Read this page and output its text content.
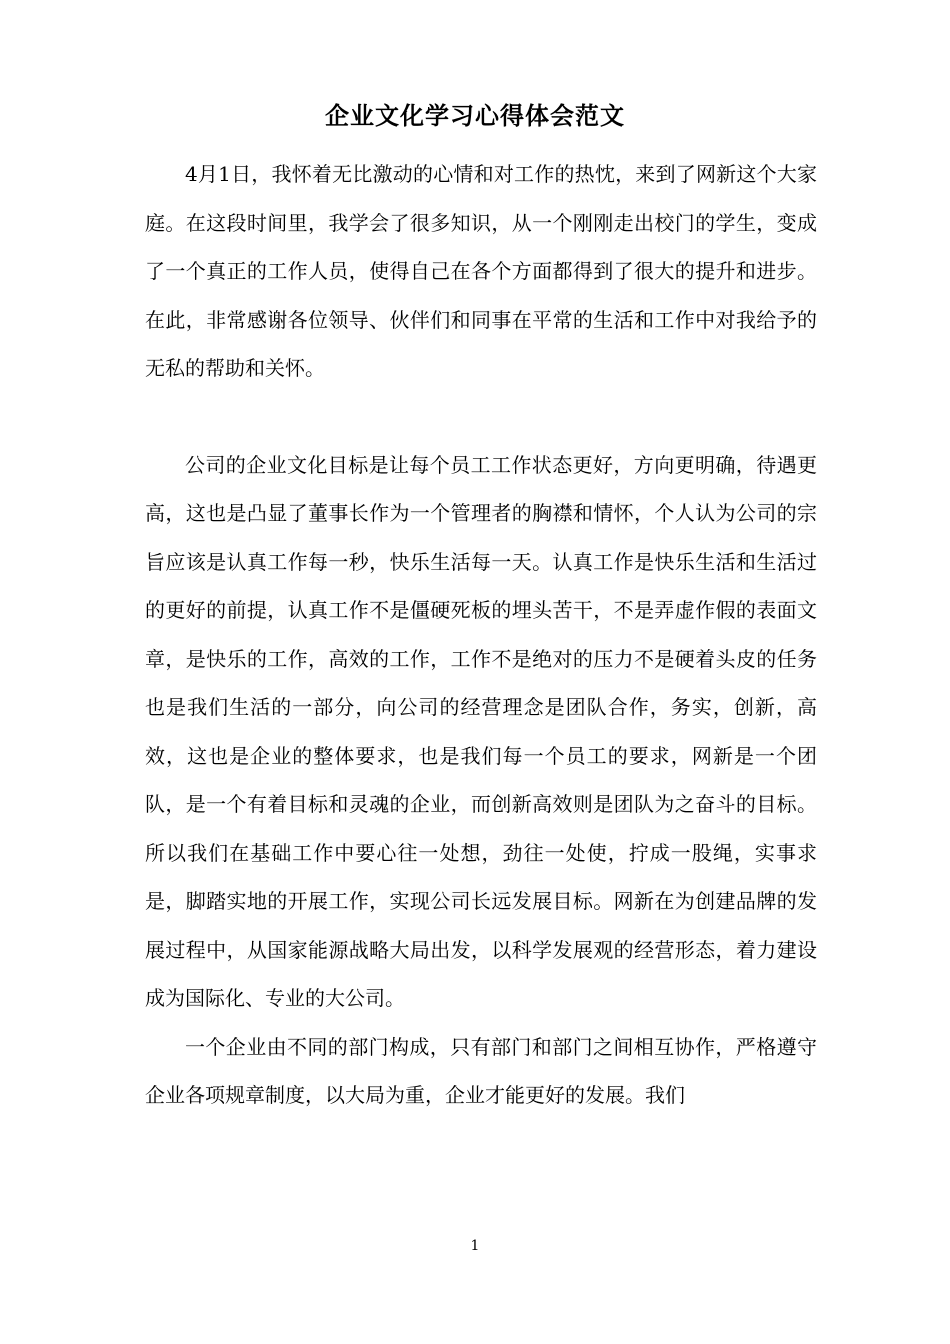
企业文化学习心得体会范文

4月1日，我怀着无比激动的心情和对工作的热忱，来到了网新这个大家庭。在这段时间里，我学会了很多知识，从一个刚刚走出校门的学生，变成了一个真正的工作人员，使得自己在各个方面都得到了很大的提升和进步。在此，非常感谢各位领导、伙伴们和同事在平常的生活和工作中对我给予的无私的帮助和关怀。

公司的企业文化目标是让每个员工工作状态更好，方向更明确，待遇更高，这也是凸显了董事长作为一个管理者的胸襟和情怀，个人认为公司的宗旨应该是认真工作每一秒，快乐生活每一天。认真工作是快乐生活和生活过的更好的前提，认真工作不是僵硬死板的埋头苦干，不是弄虚作假的表面文章，是快乐的工作，高效的工作，工作不是绝对的压力不是硬着头皮的任务也是我们生活的一部分，向公司的经营理念是团队合作，务实，创新，高效，这也是企业的整体要求，也是我们每一个员工的要求，网新是一个团队，是一个有着目标和灵魂的企业，而创新高效则是团队为之奋斗的目标。所以我们在基础工作中要心往一处想，劲往一处使，拧成一股绳，实事求是，脚踏实地的开展工作，实现公司长远发展目标。网新在为创建品牌的发展过程中，从国家能源战略大局出发，以科学发展观的经营形态，着力建设成为国际化、专业的大公司。

一个企业由不同的部门构成，只有部门和部门之间相互协作，严格遵守企业各项规章制度，以大局为重，企业才能更好的发展。我们

1
